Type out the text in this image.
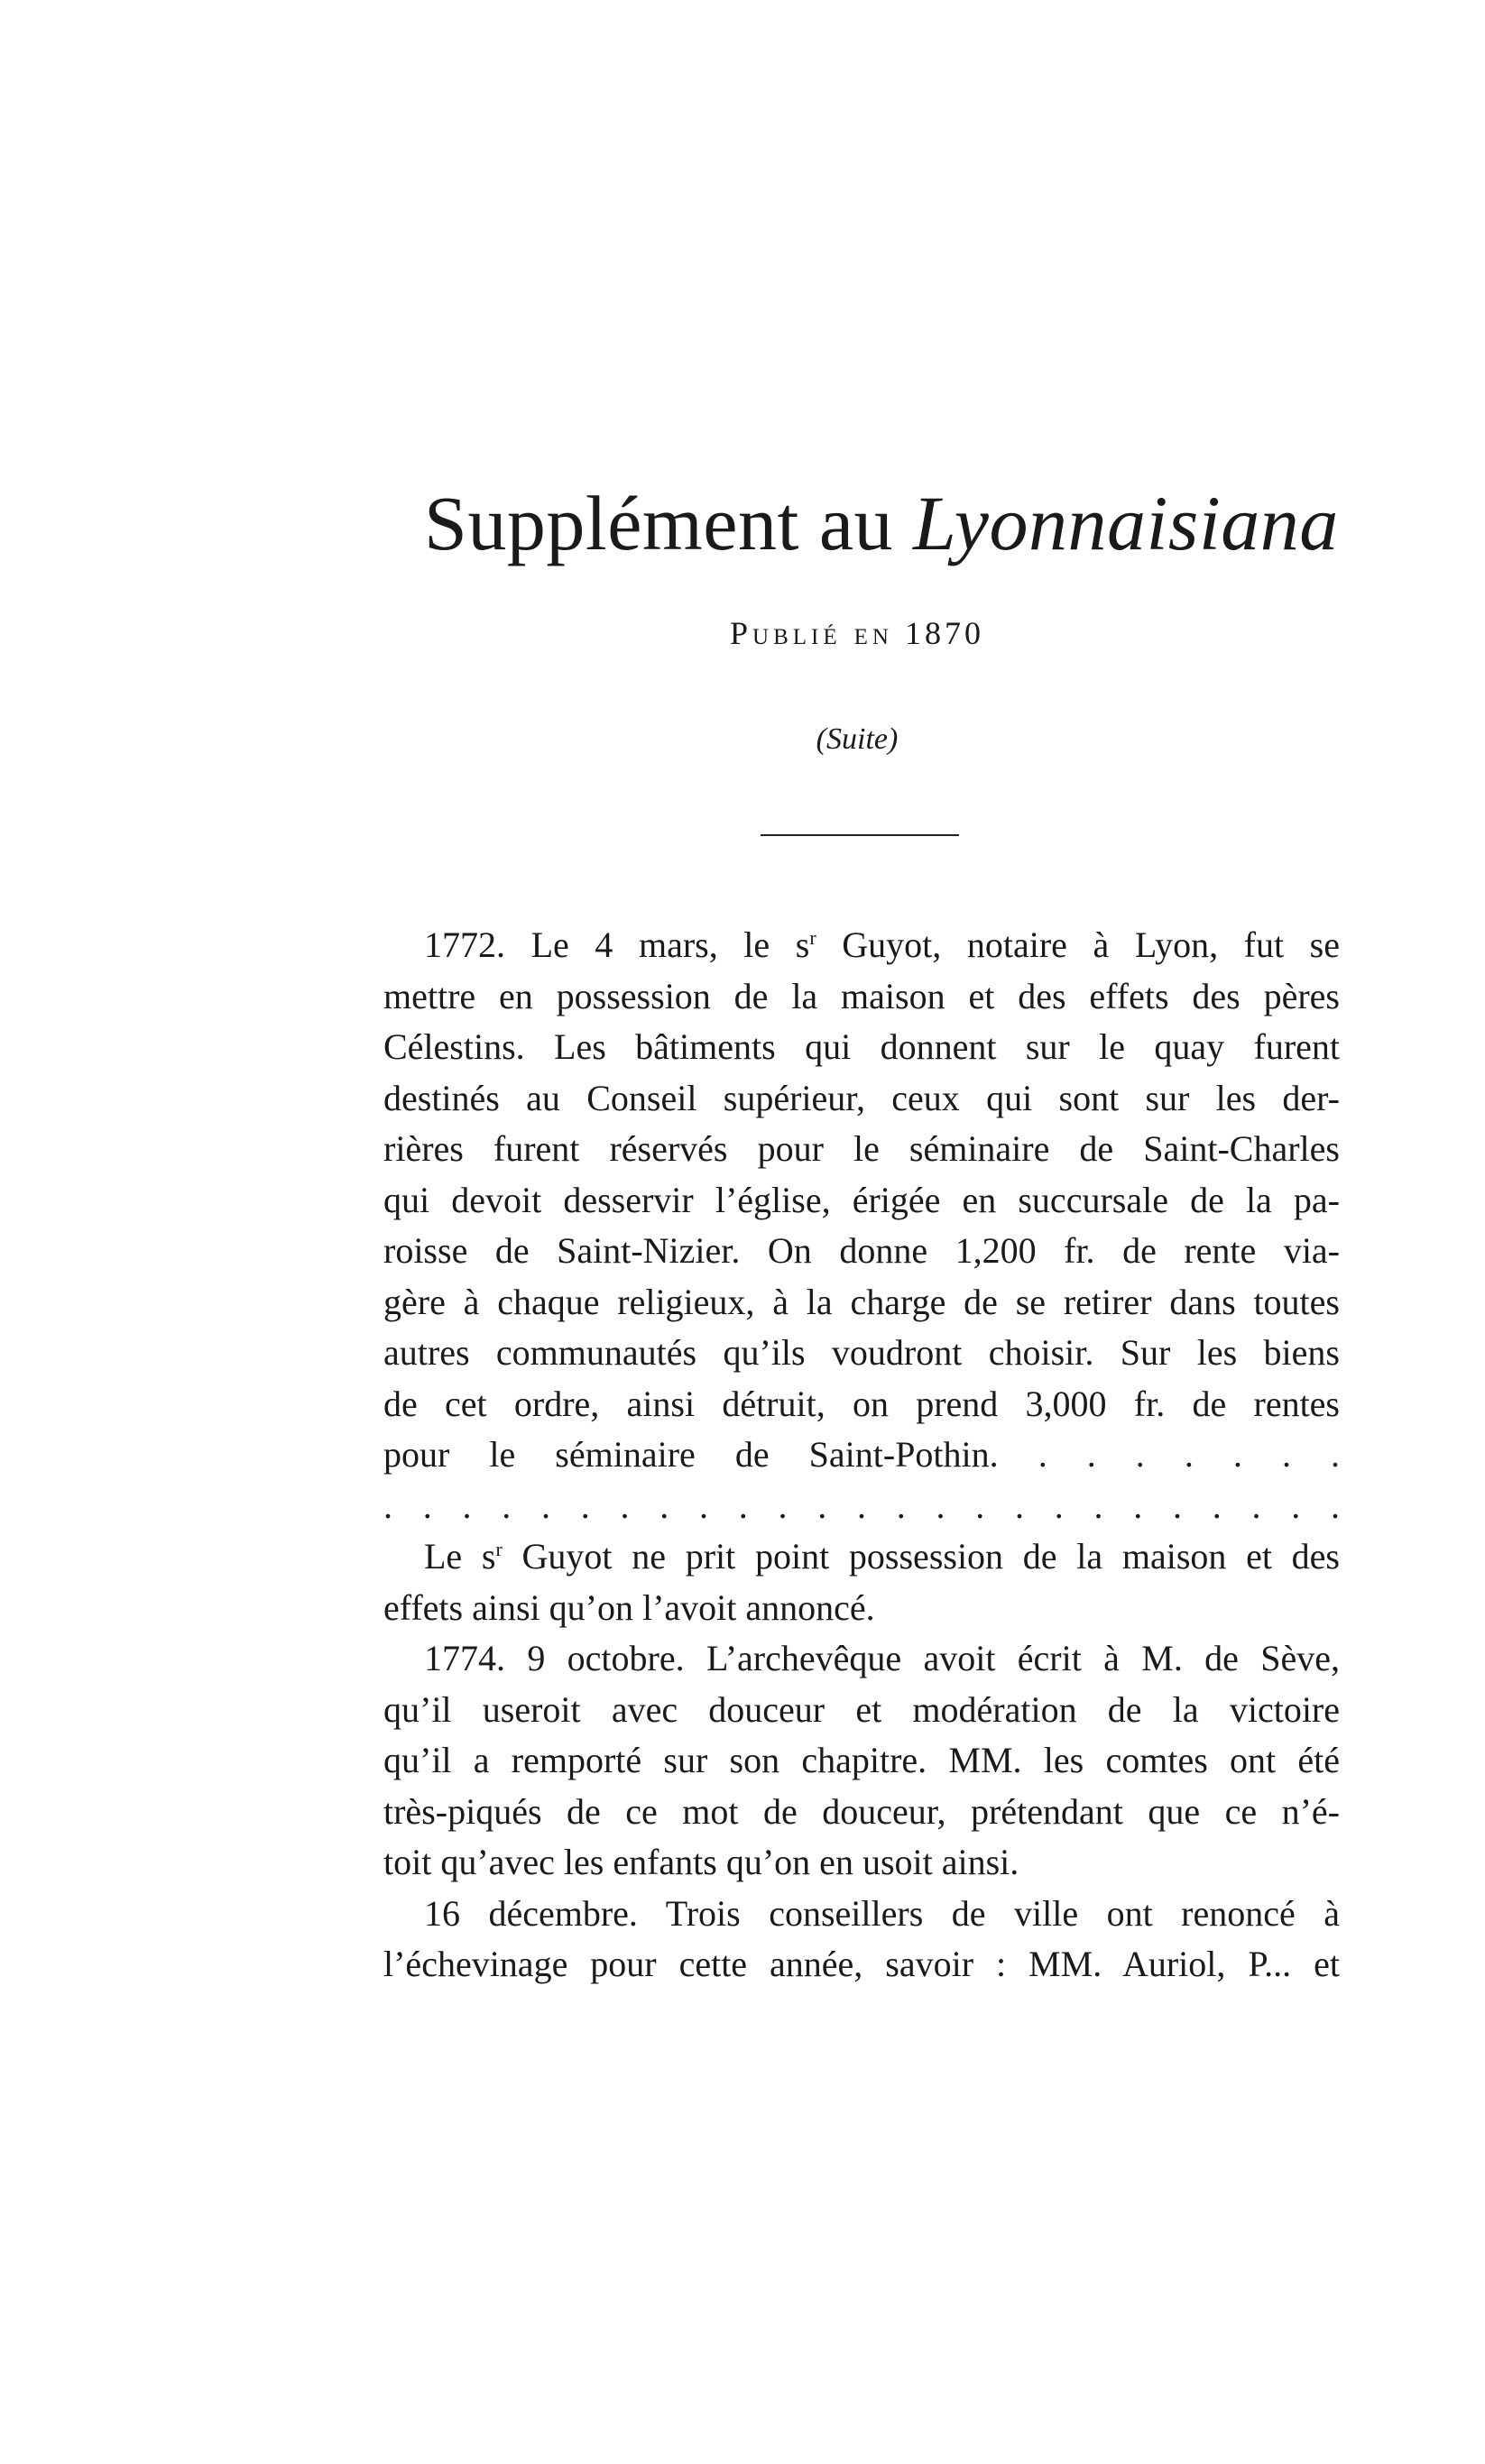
Supplément au Lyonnaisiana
Publié en 1870
(Suite)
1772. Le 4 mars, le $s^r$ Guyot, notaire à Lyon, fut se
mettre en possession de la maison et des effets des pères
Célestins. Les bâtiments qui donnent sur le quay furent
destinés au Conseil supérieur, ceux qui sont sur les der-
rières furent réservés pour le séminaire de Saint-Charles
qui devoit desservir l’église, érigée en succursale de la pa-
roisse de Saint-Nizier. On donne 1,200 fr. de rente via-
gère à chaque religieux, à la charge de se retirer dans toutes
autres communautés qu’ils voudront choisir. Sur les biens
de cet ordre, ainsi détruit, on prend 3,000 fr. de rentes
pour le séminaire de Saint-Pothin. . . . . . . .
. . . . . . . . . . . . . . . . . . . . . . . . .
Le $s^r$ Guyot ne prit point possession de la maison et des
effets ainsi qu’on l’avoit annoncé.
1774. 9 octobre. L’archevêque avoit écrit à M. de Sève,
qu’il useroit avec douceur et modération de la victoire
qu’il a remporté sur son chapitre. MM. les comtes ont été
très-piqués de ce mot de douceur, prétendant que ce n’é-
toit qu’avec les enfants qu’on en usoit ainsi.
16 décembre. Trois conseillers de ville ont renoncé à
l’échevinage pour cette année, savoir : MM. Auriol, P... et
